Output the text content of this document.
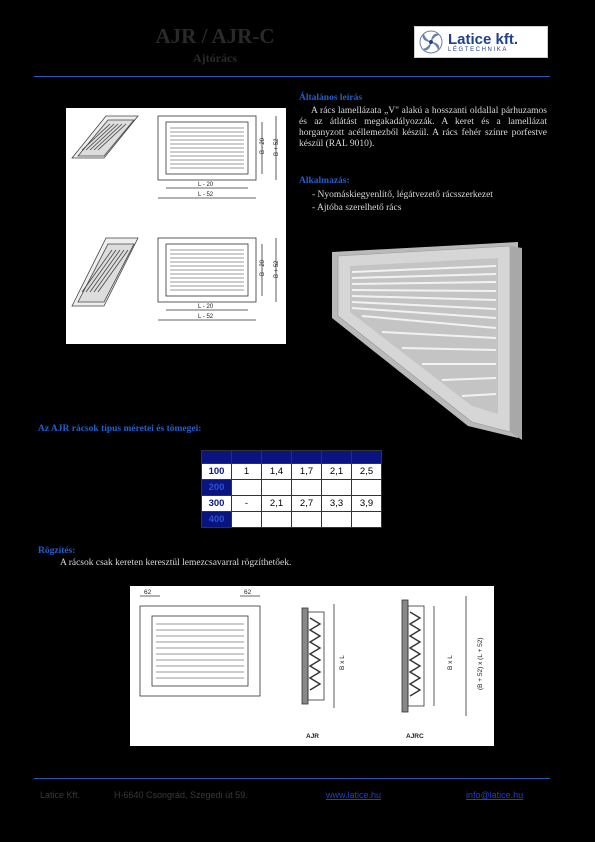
AJR / AJR-C
Ajtórács
Latice kft.
LÉGTECHNIKA
B - 20 B + 52
L - 20
L - 52
B - 20 B + 52
L - 20
L - 52
Általános leírás
A rács lamellázata „V" alakú a hosszanti oldallal párhuzamos és az átlátást megakadályozzák. A keret és a lamellázat horganyzott acéllemezből készül. A rács fehér színre porfestve készül (RAL 9010).
Alkalmazás:
- Nyomáskiegyenlítő, légátvezető rácsszerkezet
- Ajtóba szerelhető rács
Az AJR rácsok típus méretei és tömegei:
B / L	200	300	400	500	600
100	1	1,4	1,7	2,1	2,5
200					
300	-	2,1	2,7	3,3	3,9
400					
Rögzítés:
A rácsok csak kereten keresztül lemezcsavarral rögzíthetőek.
62	62
B x L	B x L	(B + 52) x (L + 52)
AJR	AJRC
Latice Kft.	H-6640 Csongrád, Szegedi út 59.	www.latice.hu	info@latice.hu
